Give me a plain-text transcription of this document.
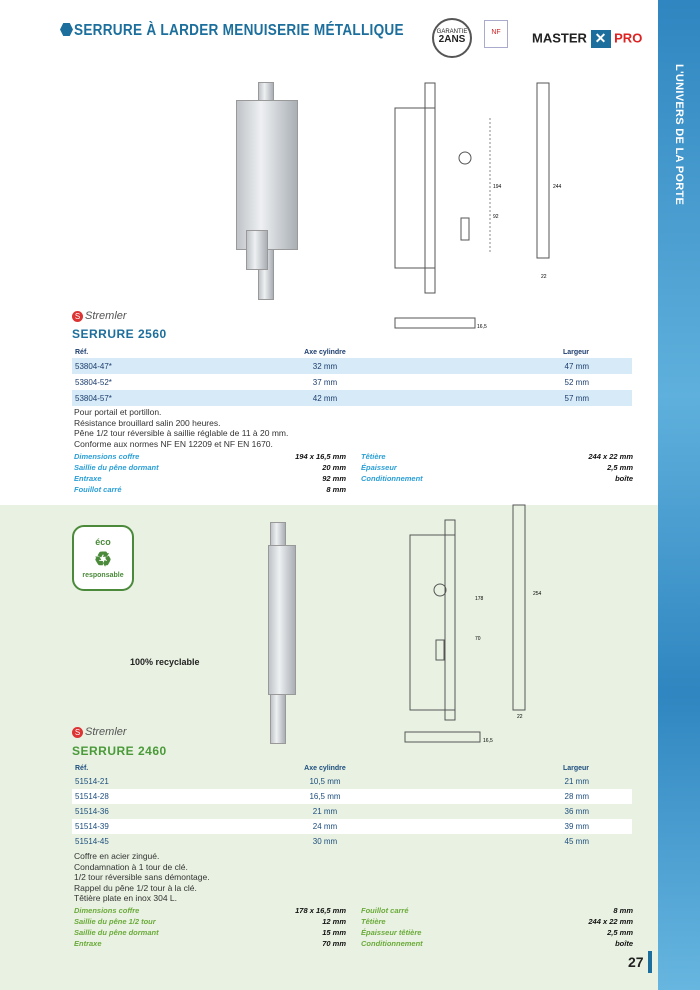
L'UNIVERS DE LA PORTE
SERRURE À LARDER MENUISERIE MÉTALLIQUE	GARANTIE
2ANS
NF	MASTER ✕ PRO
194	244
92
22
16,5
S Stremler
SERRURE 2560
Réf.	Axe cylindre	Largeur
53804-47*	32 mm	47 mm
53804-52*	37 mm	52 mm
53804-57*	42 mm	57 mm
Pour portail et portillon.
Résistance brouillard salin 200 heures.
Pêne 1/2 tour réversible à saillie réglable de 11 à 20 mm.
Conforme aux normes NF EN 12209 et NF EN 1670.
Dimensions coffre	194 x 16,5 mm
Saillie du pêne dormant	20 mm
Entraxe	92 mm
Fouillot carré	8 mm
Têtière	244 x 22 mm
Épaisseur	2,5 mm
Conditionnement	boîte
éco
♻
responsable
100% recyclable
178
254
70
22
16,5
S Stremler
SERRURE 2460
Réf.	Axe cylindre	Largeur
51514-21	10,5 mm	21 mm
51514-28	16,5 mm	28 mm
51514-36	21 mm	36 mm
51514-39	24 mm	39 mm
51514-45	30 mm	45 mm
Coffre en acier zingué.
Condamnation à 1 tour de clé.
1/2 tour réversible sans démontage.
Rappel du pêne 1/2 tour à la clé.
Têtière plate en inox 304 L.
Dimensions coffre	178 x 16,5 mm
Saillie du pêne 1/2 tour	12 mm
Saillie du pêne dormant	15 mm
Entraxe	70 mm
Fouillot carré	8 mm
Têtière	244 x 22 mm
Épaisseur têtière	2,5 mm
Conditionnement	boîte
27
